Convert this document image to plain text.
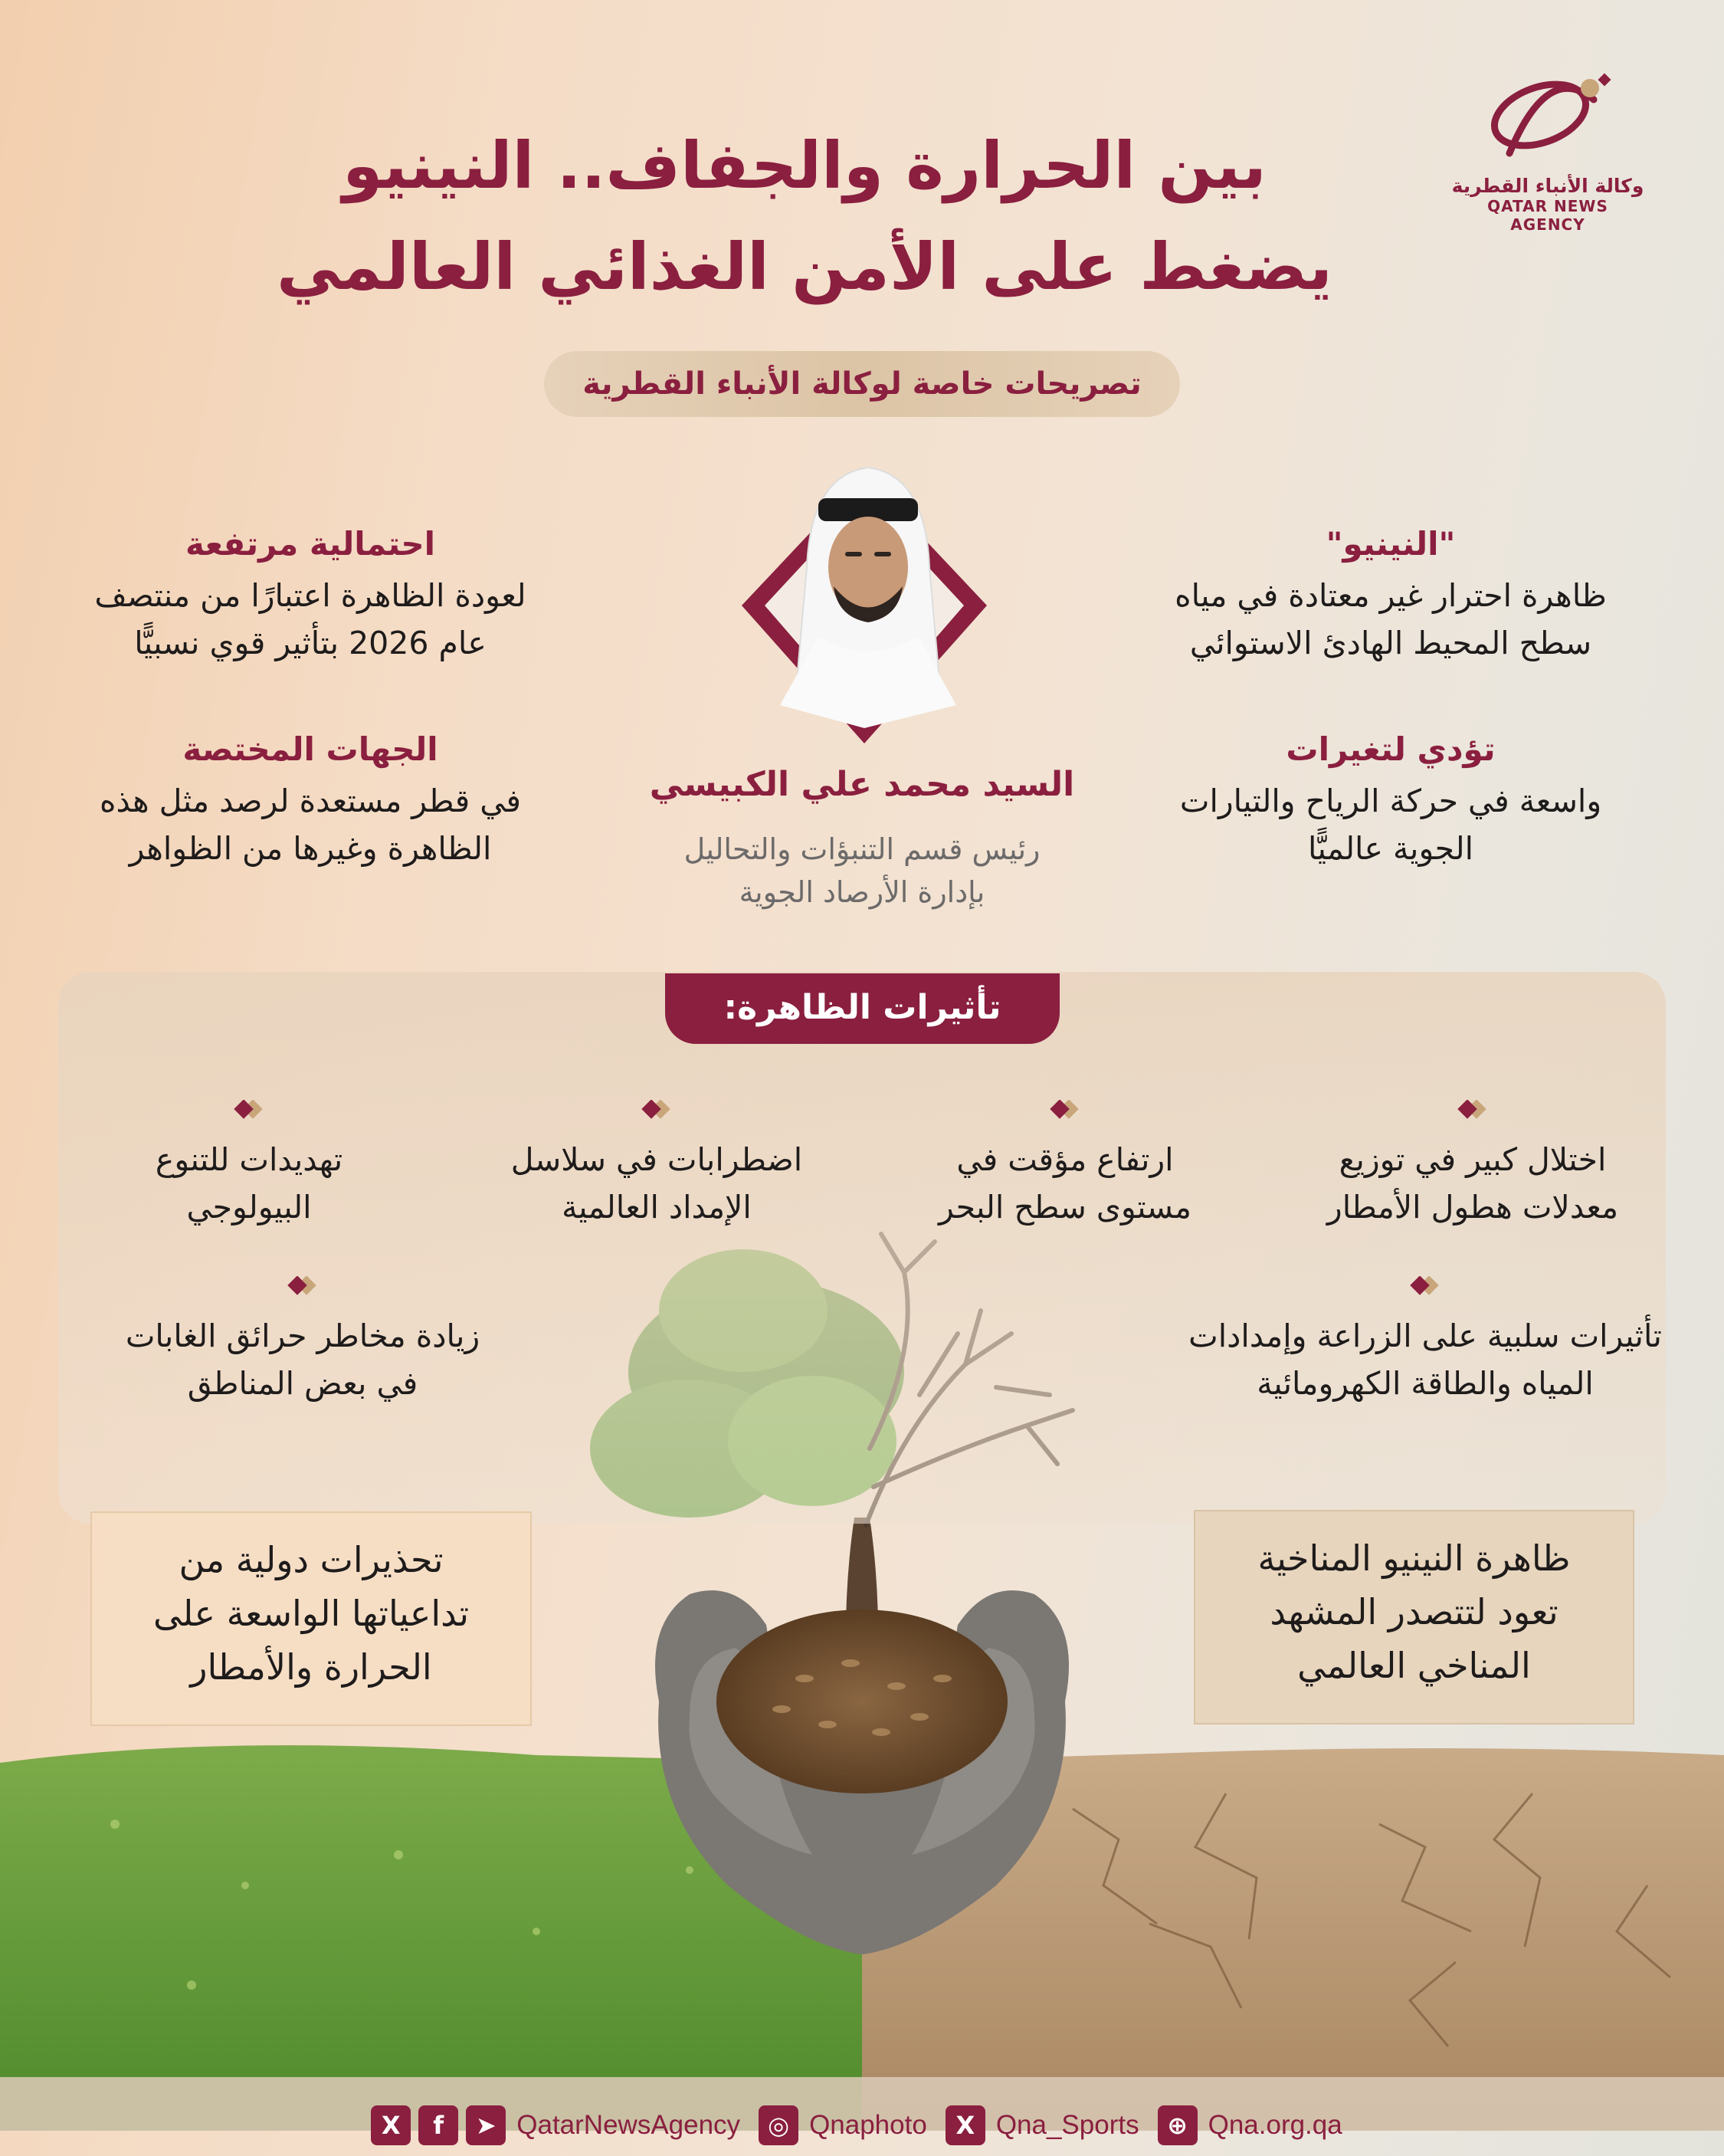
وكالة الأنباء القطرية
QATAR NEWS AGENCY
بين الحرارة والجفاف.. النينيو
يضغط على الأمن الغذائي العالمي
تصريحات خاصة لوكالة الأنباء القطرية
"النينيو"
ظاهرة احترار غير معتادة في مياه
سطح المحيط الهادئ الاستوائي
تؤدي لتغيرات
واسعة في حركة الرياح والتيارات
الجوية عالميًّا
احتمالية مرتفعة
لعودة الظاهرة اعتبارًا من منتصف
عام 2026 بتأثير قوي نسبيًّا
الجهات المختصة
في قطر مستعدة لرصد مثل هذه
الظاهرة وغيرها من الظواهر
السيد محمد علي الكبيسي
رئيس قسم التنبؤات والتحاليل
بإدارة الأرصاد الجوية
تأثيرات الظاهرة:
اختلال كبير في توزيع
معدلات هطول الأمطار
ارتفاع مؤقت في
مستوى سطح البحر
اضطرابات في سلاسل
الإمداد العالمية
تهديدات للتنوع
البيولوجي
تأثيرات سلبية على الزراعة وإمدادات
المياه والطاقة الكهرومائية
زيادة مخاطر حرائق الغابات
في بعض المناطق
ظاهرة النينيو المناخية
تعود لتتصدر المشهد
المناخي العالمي
تحذيرات دولية من
تداعياتها الواسعة على
الحرارة والأمطار
X	f	➤ QatarNewsAgency	◎ Qnaphoto	X Qna_Sports	⊕ Qna.org.qa
